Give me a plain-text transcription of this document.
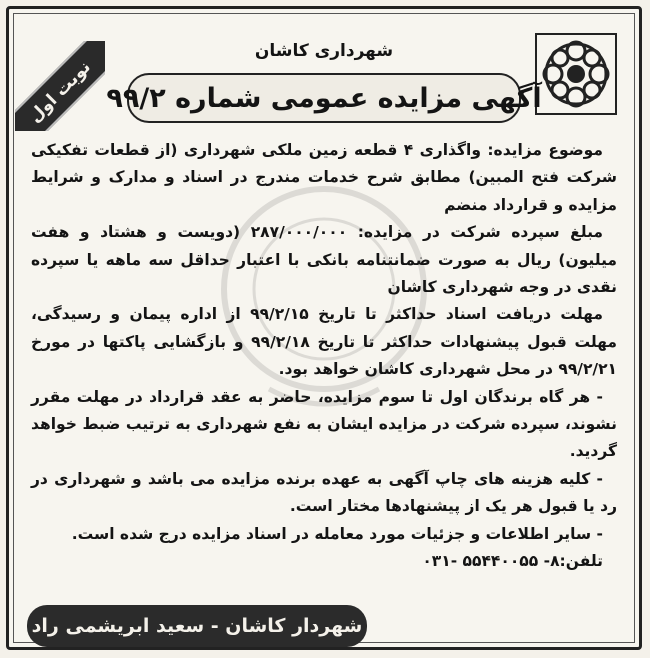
نوبت اول
شهرداری کاشان
آگهی مزایده عمومی شماره ۹۹/۲

موضوع مزایده: واگذاری ۴ قطعه زمین ملکی شهرداری (از قطعات تفکیکی شرکت فتح المبین) مطابق شرح خدمات مندرج در اسناد و مدارک و شرایط مزایده و قرارداد منضم

مبلغ سپرده شرکت در مزایده: ۲۸۷/۰۰۰/۰۰۰ (دویست و هشتاد و هفت میلیون) ریال به صورت ضمانتنامه بانکی با اعتبار حداقل سه ماهه یا سپرده نقدی در وجه شهرداری کاشان

مهلت دریافت اسناد حداکثر تا تاریخ ۹۹/۲/۱۵ از اداره پیمان و رسیدگی، مهلت قبول پیشنهادات حداکثر تا تاریخ ۹۹/۲/۱۸ و بازگشایی پاکتها در مورخ ۹۹/۲/۲۱ در محل شهرداری کاشان خواهد بود.

- هر گاه برندگان اول تا سوم مزایده، حاضر به عقد قرارداد در مهلت مقرر نشوند، سپرده شرکت در مزایده ایشان به نفع شهرداری به ترتیب ضبط خواهد گردید.

- کلیه هزینه های چاپ آگهی به عهده برنده مزایده می باشد و شهرداری در رد یا قبول هر یک از پیشنهادها مختار است.

- سایر اطلاعات و جزئیات مورد معامله در اسناد مزایده درج شده است.

تلفن:۸- ۵۵۴۴۰۰۵۵ -۰۳۱

شهردار کاشان - سعید ابریشمی راد
